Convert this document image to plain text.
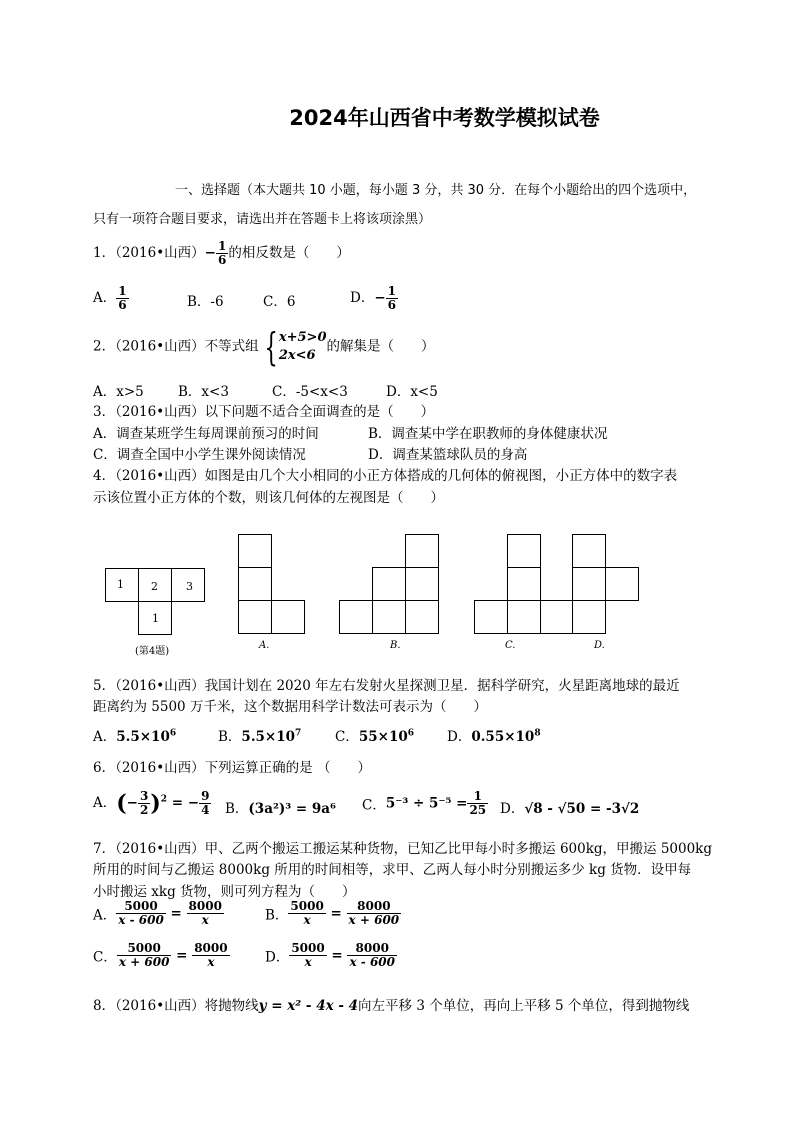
2024年山西省中考数学模拟试卷
一、选择题（本大题共 10 小题，每小题 3 分，共 30 分．在每个小题给出的四个选项中，
只有一项符合题目要求，请选出并在答题卡上将该项涂黑）
1．（2016•山西）− $\frac{1}{6}$ 的相反数是（　　）
A． $\frac{1}{6}$	B．-6	C．6	D．− $\frac{1}{6}$
2．（2016•山西）不等式组 { x+5>0
2x<6
的解集是（　　）
A．x>5	B．x<3	C．-5<x<3	D．x<5
3．（2016•山西）以下问题不适合全面调查的是（　　）
A．调查某班学生每周课前预习的时间	B．调查某中学在职教师的身体健康状况
C．调查全国中小学生课外阅读情况	D．调查某篮球队员的身高
4．（2016•山西）如图是由几个大小相同的小正方体搭成的几何体的俯视图，小正方体中的数字表
示该位置小正方体的个数，则该几何体的左视图是（　　）
1 2	3
1
(第4题)
A.	B.	C.	D.
5．（2016•山西）我国计划在 2020 年左右发射火星探测卫星．据科学研究，火星距离地球的最近
距离约为 5500 万千米，这个数据用科学计数法可表示为（　　）
A．$5.5\times 10^6$	B．$5.5\times 10^7$ C．$55\times 10^6$ D．$0.55\times 10^8$
6．（2016•山西）下列运算正确的是 （　　）
A．(− $\frac{3}{2} )^2$ = − $\frac{9}{4}$ B．(3a²)³ = 9a⁶ C．$5^{-3} \div 5^{-5} = \frac{1}{25}$ D．√8 - √50 = -3√2
7．（2016•山西）甲、乙两个搬运工搬运某种货物，已知乙比甲每小时多搬运 600kg，甲搬运 5000kg
所用的时间与乙搬运 8000kg 所用的时间相等，求甲、乙两人每小时分别搬运多少 kg 货物．设甲每
小时搬运 xkg 货物，则可列方程为（　　）
A． $\frac{5000}{x - 600} = \frac{8000}{x}$	B． $\frac{5000}{x} = \frac{8000}{x + 600}$
C． $\frac{5000}{x + 600} = \frac{8000}{x}$	D． $\frac{5000}{x} = \frac{8000}{x - 600}$
8．（2016•山西）将抛物线y = x² - 4x - 4向左平移 3 个单位，再向上平移 5 个单位，得到抛物线
